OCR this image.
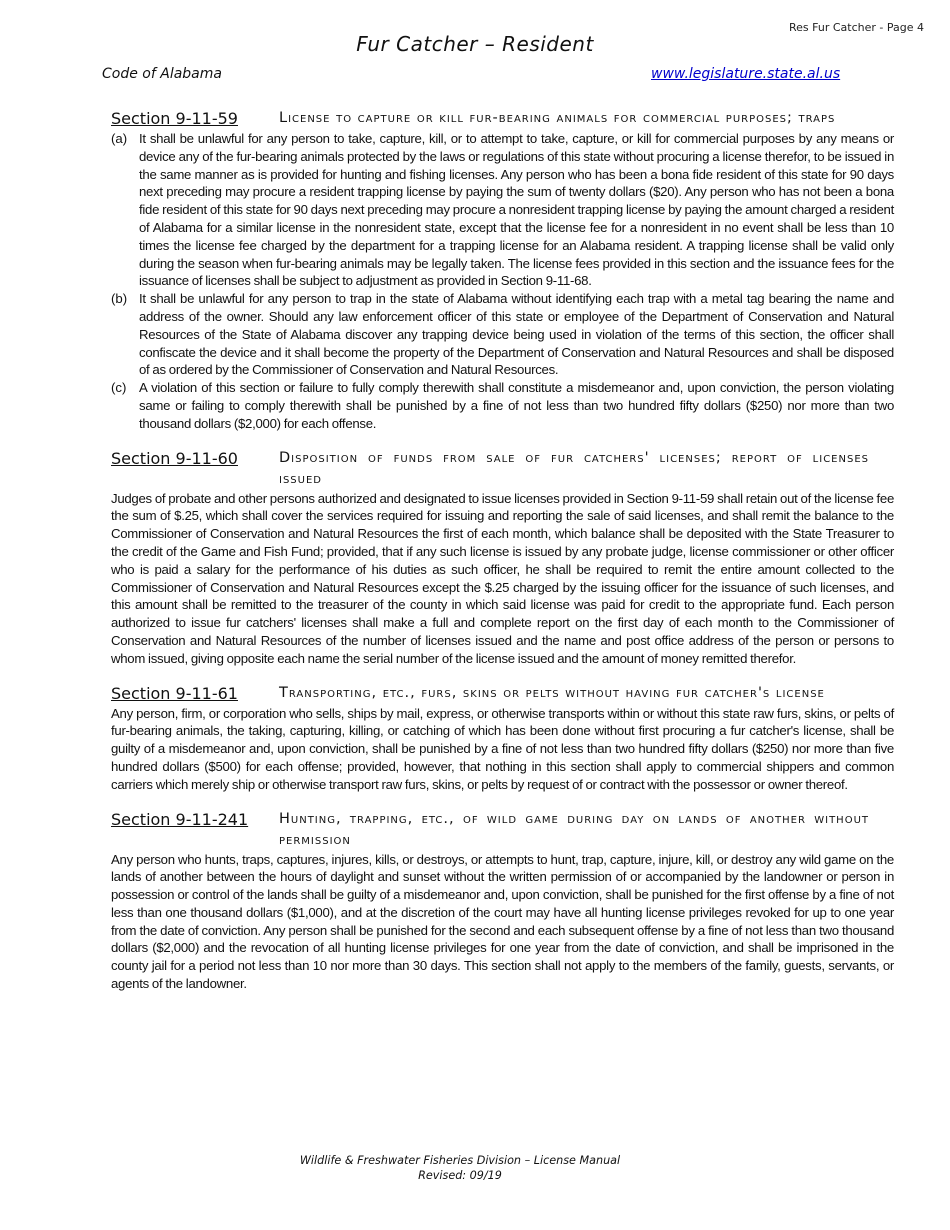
Res Fur Catcher - Page 4
Fur Catcher – Resident
Code of Alabama	www.legislature.state.al.us
Section 9-11-59	License to capture or kill fur-bearing animals for commercial purposes; traps
(a) It shall be unlawful for any person to take, capture, kill, or to attempt to take, capture, or kill for commercial purposes by any means or device any of the fur-bearing animals protected by the laws or regulations of this state without procuring a license therefor, to be issued in the same manner as is provided for hunting and fishing licenses. Any person who has been a bona fide resident of this state for 90 days next preceding may procure a resident trapping license by paying the sum of twenty dollars ($20). Any person who has not been a bona fide resident of this state for 90 days next preceding may procure a nonresident trapping license by paying the amount charged a resident of Alabama for a similar license in the nonresident state, except that the license fee for a nonresident in no event shall be less than 10 times the license fee charged by the department for a trapping license for an Alabama resident. A trapping license shall be valid only during the season when fur-bearing animals may be legally taken. The license fees provided in this section and the issuance fees for the issuance of licenses shall be subject to adjustment as provided in Section 9-11-68.
(b) It shall be unlawful for any person to trap in the state of Alabama without identifying each trap with a metal tag bearing the name and address of the owner. Should any law enforcement officer of this state or employee of the Department of Conservation and Natural Resources of the State of Alabama discover any trapping device being used in violation of the terms of this section, the officer shall confiscate the device and it shall become the property of the Department of Conservation and Natural Resources and shall be disposed of as ordered by the Commissioner of Conservation and Natural Resources.
(c) A violation of this section or failure to fully comply therewith shall constitute a misdemeanor and, upon conviction, the person violating same or failing to comply therewith shall be punished by a fine of not less than two hundred fifty dollars ($250) nor more than two thousand dollars ($2,000) for each offense.
Section 9-11-60	Disposition of funds from sale of fur catchers' licenses; report of licenses issued
Judges of probate and other persons authorized and designated to issue licenses provided in Section 9-11-59 shall retain out of the license fee the sum of $.25, which shall cover the services required for issuing and reporting the sale of said licenses, and shall remit the balance to the Commissioner of Conservation and Natural Resources the first of each month, which balance shall be deposited with the State Treasurer to the credit of the Game and Fish Fund; provided, that if any such license is issued by any probate judge, license commissioner or other officer who is paid a salary for the performance of his duties as such officer, he shall be required to remit the entire amount collected to the Commissioner of Conservation and Natural Resources except the $.25 charged by the issuing officer for the issuance of such licenses, and this amount shall be remitted to the treasurer of the county in which said license was paid for credit to the appropriate fund. Each person authorized to issue fur catchers' licenses shall make a full and complete report on the first day of each month to the Commissioner of Conservation and Natural Resources of the number of licenses issued and the name and post office address of the person or persons to whom issued, giving opposite each name the serial number of the license issued and the amount of money remitted therefor.
Section 9-11-61	Transporting, etc., furs, skins or pelts without having fur catcher's license
Any person, firm, or corporation who sells, ships by mail, express, or otherwise transports within or without this state raw furs, skins, or pelts of fur-bearing animals, the taking, capturing, killing, or catching of which has been done without first procuring a fur catcher's license, shall be guilty of a misdemeanor and, upon conviction, shall be punished by a fine of not less than two hundred fifty dollars ($250) nor more than five hundred dollars ($500) for each offense; provided, however, that nothing in this section shall apply to commercial shippers and common carriers which merely ship or otherwise transport raw furs, skins, or pelts by request of or contract with the possessor or owner thereof.
Section 9-11-241	Hunting, trapping, etc., of wild game during day on lands of another without permission
Any person who hunts, traps, captures, injures, kills, or destroys, or attempts to hunt, trap, capture, injure, kill, or destroy any wild game on the lands of another between the hours of daylight and sunset without the written permission of or accompanied by the landowner or person in possession or control of the lands shall be guilty of a misdemeanor and, upon conviction, shall be punished for the first offense by a fine of not less than one thousand dollars ($1,000), and at the discretion of the court may have all hunting license privileges revoked for up to one year from the date of conviction. Any person shall be punished for the second and each subsequent offense by a fine of not less than two thousand dollars ($2,000) and the revocation of all hunting license privileges for one year from the date of conviction, and shall be imprisoned in the county jail for a period not less than 10 nor more than 30 days. This section shall not apply to the members of the family, guests, servants, or agents of the landowner.
Wildlife & Freshwater Fisheries Division – License Manual
Revised: 09/19
